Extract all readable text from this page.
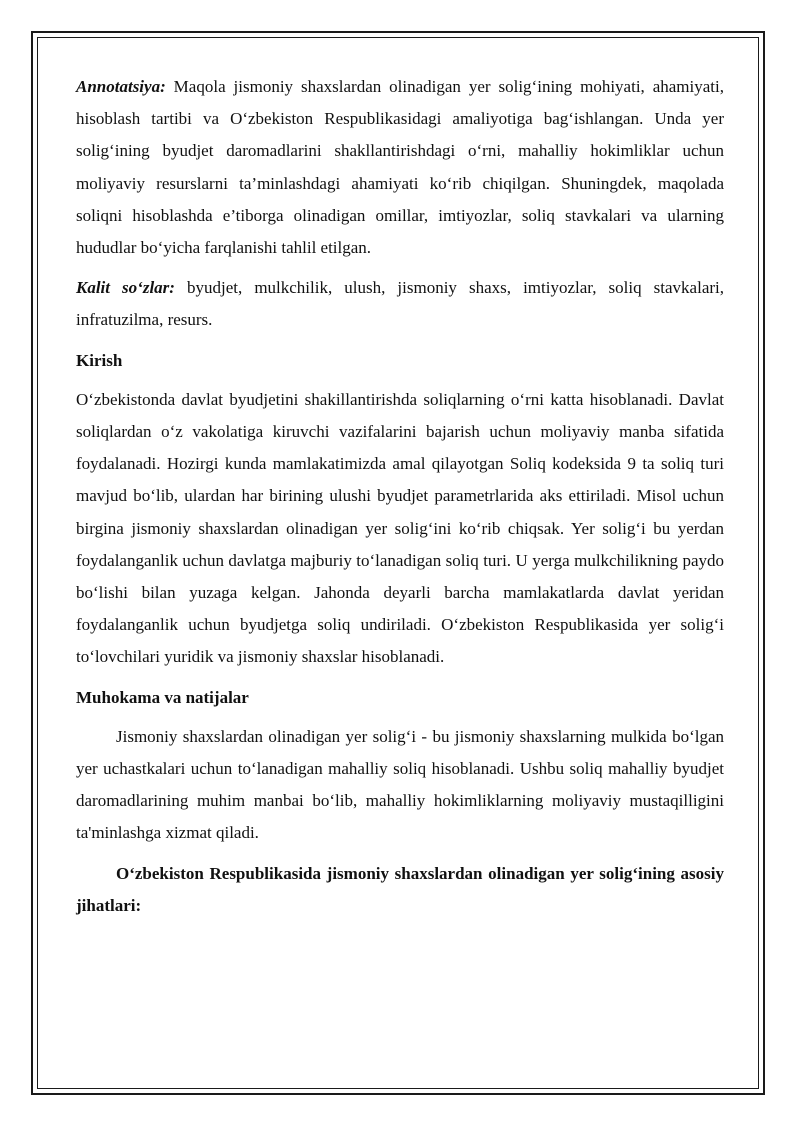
Annotatsiya: Maqola jismoniy shaxslardan olinadigan yer solig‘ining mohiyati, ahamiyati, hisoblash tartibi va O‘zbekiston Respublikasidagi amaliyotiga bag‘ishlangan. Unda yer solig‘ining byudjet daromadlarini shakllantirishdagi o‘rni, mahalliy hokimliklar uchun moliyaviy resurslarni ta’minlashdagi ahamiyati ko‘rib chiqilgan. Shuningdek, maqolada soliqni hisoblashda e’tiborga olinadigan omillar, imtiyozlar, soliq stavkalari va ularning hududlar bo‘yicha farqlanishi tahlil etilgan.

Kalit so‘zlar: byudjet, mulkchilik, ulush, jismoniy shaxs, imtiyozlar, soliq stavkalari, infratuzilma, resurs.

Kirish

O‘zbekistonda davlat byudjetini shakillantirishda soliqlarning o‘rni katta hisoblanadi. Davlat soliqlardan o‘z vakolatiga kiruvchi vazifalarini bajarish uchun moliyaviy manba sifatida foydalanadi. Hozirgi kunda mamlakatimizda amal qilayotgan Soliq kodeksida 9 ta soliq turi mavjud bo‘lib, ulardan har birining ulushi byudjet parametrlarida aks ettiriladi. Misol uchun birgina jismoniy shaxslardan olinadigan yer solig‘ini ko‘rib chiqsak. Yer solig‘i bu yerdan foydalanganlik uchun davlatga majburiy to‘lanadigan soliq turi. U yerga mulkchilikning paydo bo‘lishi bilan yuzaga kelgan. Jahonda deyarli barcha mamlakatlarda davlat yeridan foydalanganlik uchun byudjetga soliq undiriladi. O‘zbekiston Respublikasida yer solig‘i to‘lovchilari yuridik va jismoniy shaxslar hisoblanadi.

Muhokama va natijalar

Jismoniy shaxslardan olinadigan yer solig‘i - bu jismoniy shaxslarning mulkida bo‘lgan yer uchastkalari uchun to‘lanadigan mahalliy soliq hisoblanadi. Ushbu soliq mahalliy byudjet daromadlarining muhim manbai bo‘lib, mahalliy hokimliklarning moliyaviy mustaqilligini ta'minlashga xizmat qiladi.

O‘zbekiston Respublikasida jismoniy shaxslardan olinadigan yer solig‘ining asosiy jihatlari:
